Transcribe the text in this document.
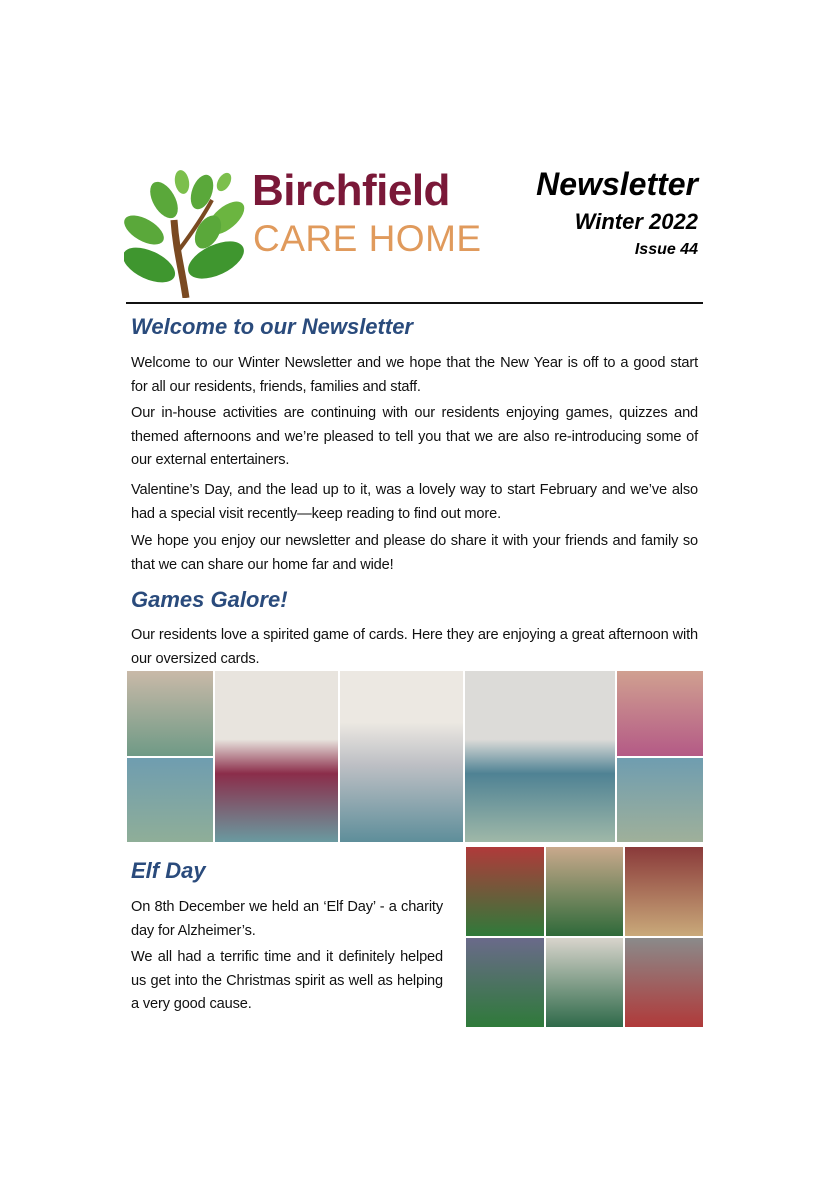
Birchfield
CARE HOME
Newsletter
Winter 2022
Issue 44
Welcome to our Newsletter

Welcome to our Winter Newsletter and we hope that the New Year is off to a good start for all our residents, friends, families and staff.

Our in-house activities are continuing with our residents enjoying games, quizzes and themed afternoons and we’re pleased to tell you that we are also re-introducing some of our external entertainers.

Valentine’s Day, and the lead up to it, was a lovely way to start February and we’ve also had a special visit recently—keep reading to find out more.

We hope you enjoy our newsletter and please do share it with your friends and family so that we can share our home far and wide!

Games Galore!

Our residents love a spirited game of cards. Here they are enjoying a great afternoon with our oversized cards.

Elf Day

On 8th December we held an ‘Elf Day’ - a charity day for Alzheimer’s.

We all had a terrific time and it definitely helped us get into the Christmas spirit as well as helping a very good cause.
